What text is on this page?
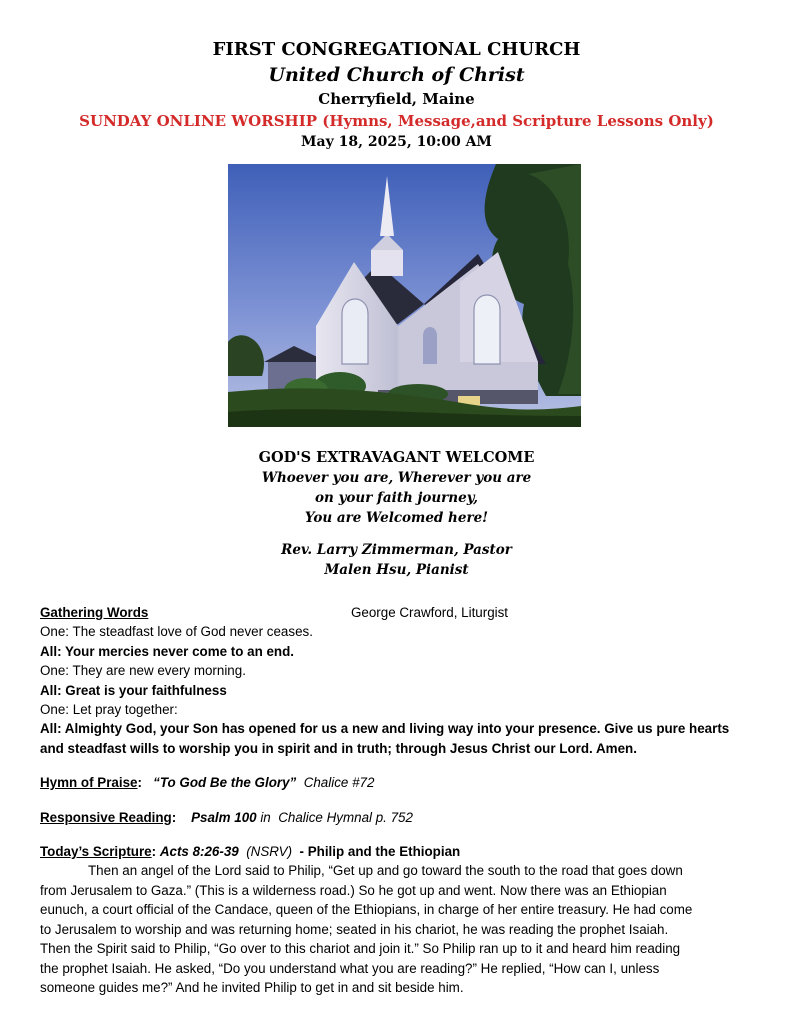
FIRST CONGREGATIONAL CHURCH
United Church of Christ
Cherryfield, Maine
SUNDAY ONLINE WORSHIP (Hymns, Message,and Scripture Lessons Only)
May 18, 2025, 10:00 AM
GOD'S EXTRAVAGANT WELCOME
Whoever you are, Wherever you are
on your faith journey,
You are Welcomed here!
Rev. Larry Zimmerman, Pastor
Malen Hsu, Pianist
Gathering Words	George Crawford, Liturgist
One: The steadfast love of God never ceases.
All: Your mercies never come to an end.
One: They are new every morning.
All: Great is your faithfulness
One: Let pray together:
All: Almighty God, your Son has opened for us a new and living way into your presence. Give us pure hearts
and steadfast wills to worship you in spirit and in truth; through Jesus Christ our Lord. Amen.
Hymn of Praise: “To God Be the Glory” Chalice #72
Responsive Reading: Psalm 100 in Chalice Hymnal p. 752
Today’s Scripture: Acts 8:26-39 (NSRV) - Philip and the Ethiopian
Then an angel of the Lord said to Philip, “Get up and go toward the south to the road that goes down
from Jerusalem to Gaza.” (This is a wilderness road.) So he got up and went. Now there was an Ethiopian
eunuch, a court official of the Candace, queen of the Ethiopians, in charge of her entire treasury. He had come
to Jerusalem to worship and was returning home; seated in his chariot, he was reading the prophet Isaiah.
Then the Spirit said to Philip, “Go over to this chariot and join it.” So Philip ran up to it and heard him reading
the prophet Isaiah. He asked, “Do you understand what you are reading?” He replied, “How can I, unless
someone guides me?” And he invited Philip to get in and sit beside him.
